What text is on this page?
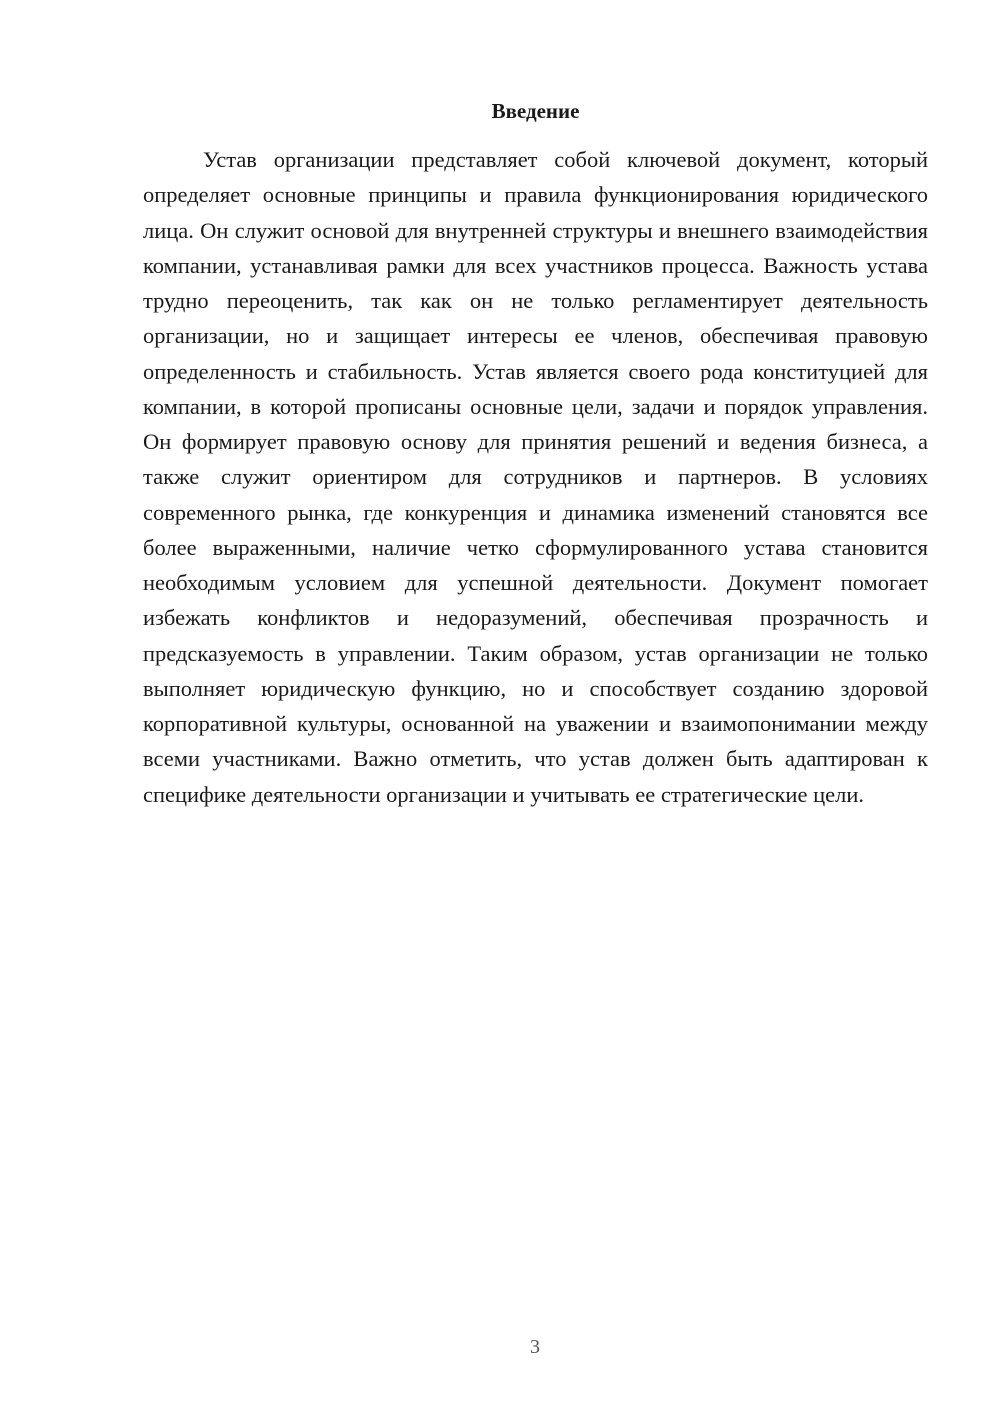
Введение

Устав организации представляет собой ключевой документ, который определяет основные принципы и правила функционирования юридического лица. Он служит основой для внутренней структуры и внешнего взаимодействия компании, устанавливая рамки для всех участников процесса. Важность устава трудно переоценить, так как он не только регламентирует деятельность организации, но и защищает интересы ее членов, обеспечивая правовую определенность и стабильность. Устав является своего рода конституцией для компании, в которой прописаны основные цели, задачи и порядок управления. Он формирует правовую основу для принятия решений и ведения бизнеса, а также служит ориентиром для сотрудников и партнеров. В условиях современного рынка, где конкуренция и динамика изменений становятся все более выраженными, наличие четко сформулированного устава становится необходимым условием для успешной деятельности. Документ помогает избежать конфликтов и недоразумений, обеспечивая прозрачность и предсказуемость в управлении. Таким образом, устав организации не только выполняет юридическую функцию, но и способствует созданию здоровой корпоративной культуры, основанной на уважении и взаимопонимании между всеми участниками. Важно отметить, что устав должен быть адаптирован к специфике деятельности организации и учитывать ее стратегические цели.

3
